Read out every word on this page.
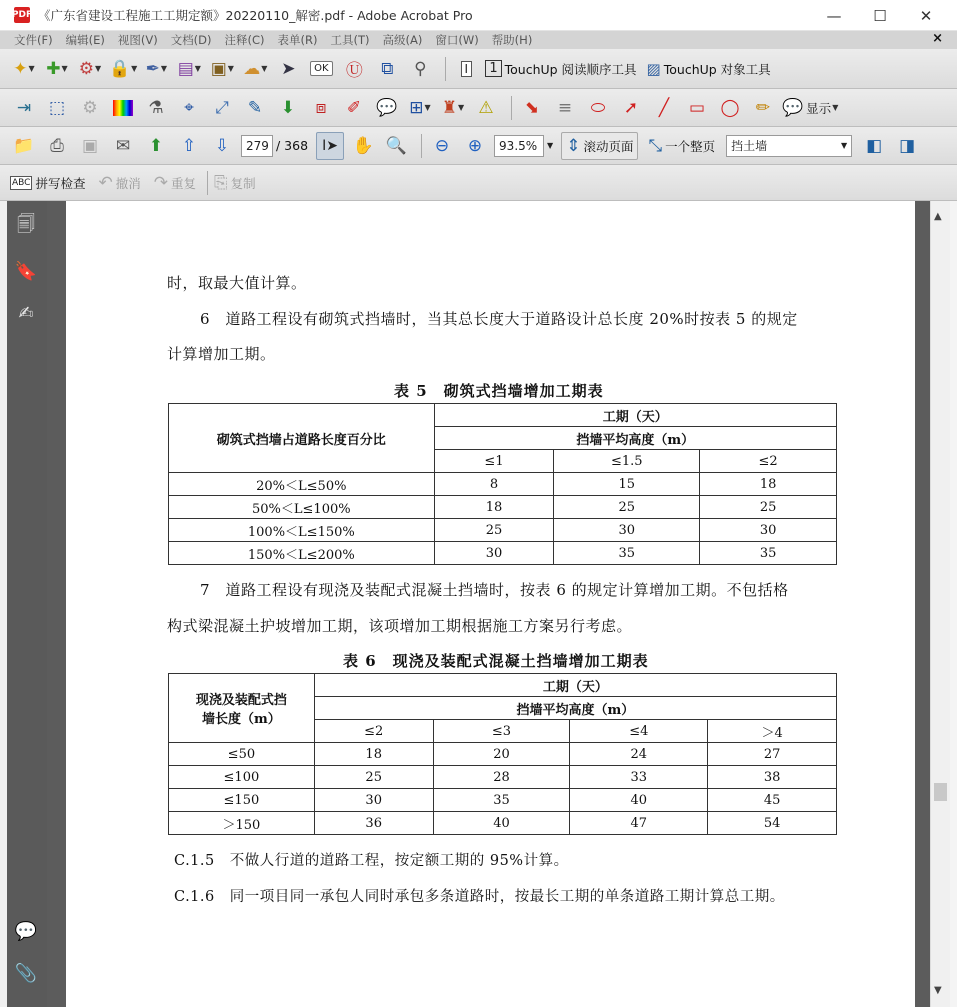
PDF 《广东省建设工程施工工期定额》20220110_解密.pdf - Adobe Acrobat Pro	—	☐	✕
文件(F) 编辑(E) 视图(V) 文档(D) 注释(C) 表单(R) 工具(T) 高级(A) 窗口(W) 帮助(H)	×
✦ ▼ ✚ ▼ ⚙ ▼ 🔒 ▼ ✒ ▼ ▤ ▼ ▣ ▼ ☁ ▼ ➤	OK Ⓤ ⧉ ⚲	I	1 TouchUp 阅读顺序工具 ▨ TouchUp 对象工具
⇥ ⬚ ⚙	⚗ ⌖ ⤢ ✎ ⬇ ⧈ ✐ 💬 ⊞ ▼ ♜ ▼ ⚠ ⬊ ≡ ⬭ ➚ ╱ ▭ ◯ ✏ 💬 显示 ▼
📁 ⎙ ▣ ✉ ⬆ ⇧ ⇩	279 / 368 I➤ ✋ 🔍 ⊖ ⊕	93.5%	▼ ⇕ 滚动页面 ⤡ 一个整页 挡土墙	▼ ◧ ◨
ABC 拼写检查 ↶ 撤消 ↷ 重复 ⎘ 复制
🗐
🔖
✍
💬
📎
时，取最大值计算。
6　道路工程设有砌筑式挡墙时，当其总长度大于道路设计总长度 20%时按表 5 的规定
计算增加工期。
表 5　砌筑式挡墙增加工期表
砌筑式挡墙占道路长度百分比	工期（天）		
	挡墙平均高度（m）		
	≤1	≤1.5	≤2
20%＜L≤50%	8	15	18
50%＜L≤100%	18	25	25
100%＜L≤150%	25	30	30
150%＜L≤200%	30	35	35
7　道路工程设有现浇及装配式混凝土挡墙时，按表 6 的规定计算增加工期。不包括格
构式梁混凝土护坡增加工期，该项增加工期根据施工方案另行考虑。
表 6　现浇及装配式混凝土挡墙增加工期表
现浇及装配式挡
墙长度（m）	工期（天）			
	挡墙平均高度（m）			
	≤2	≤3	≤4	＞4
≤50	18	20	24	27
≤100	25	28	33	38
≤150	30	35	40	45
＞150	36	40	47	54
C.1.5　不做人行道的道路工程，按定额工期的 95%计算。
C.1.6　同一项目同一承包人同时承包多条道路时，按最长工期的单条道路工期计算总工期。
▲
▼
